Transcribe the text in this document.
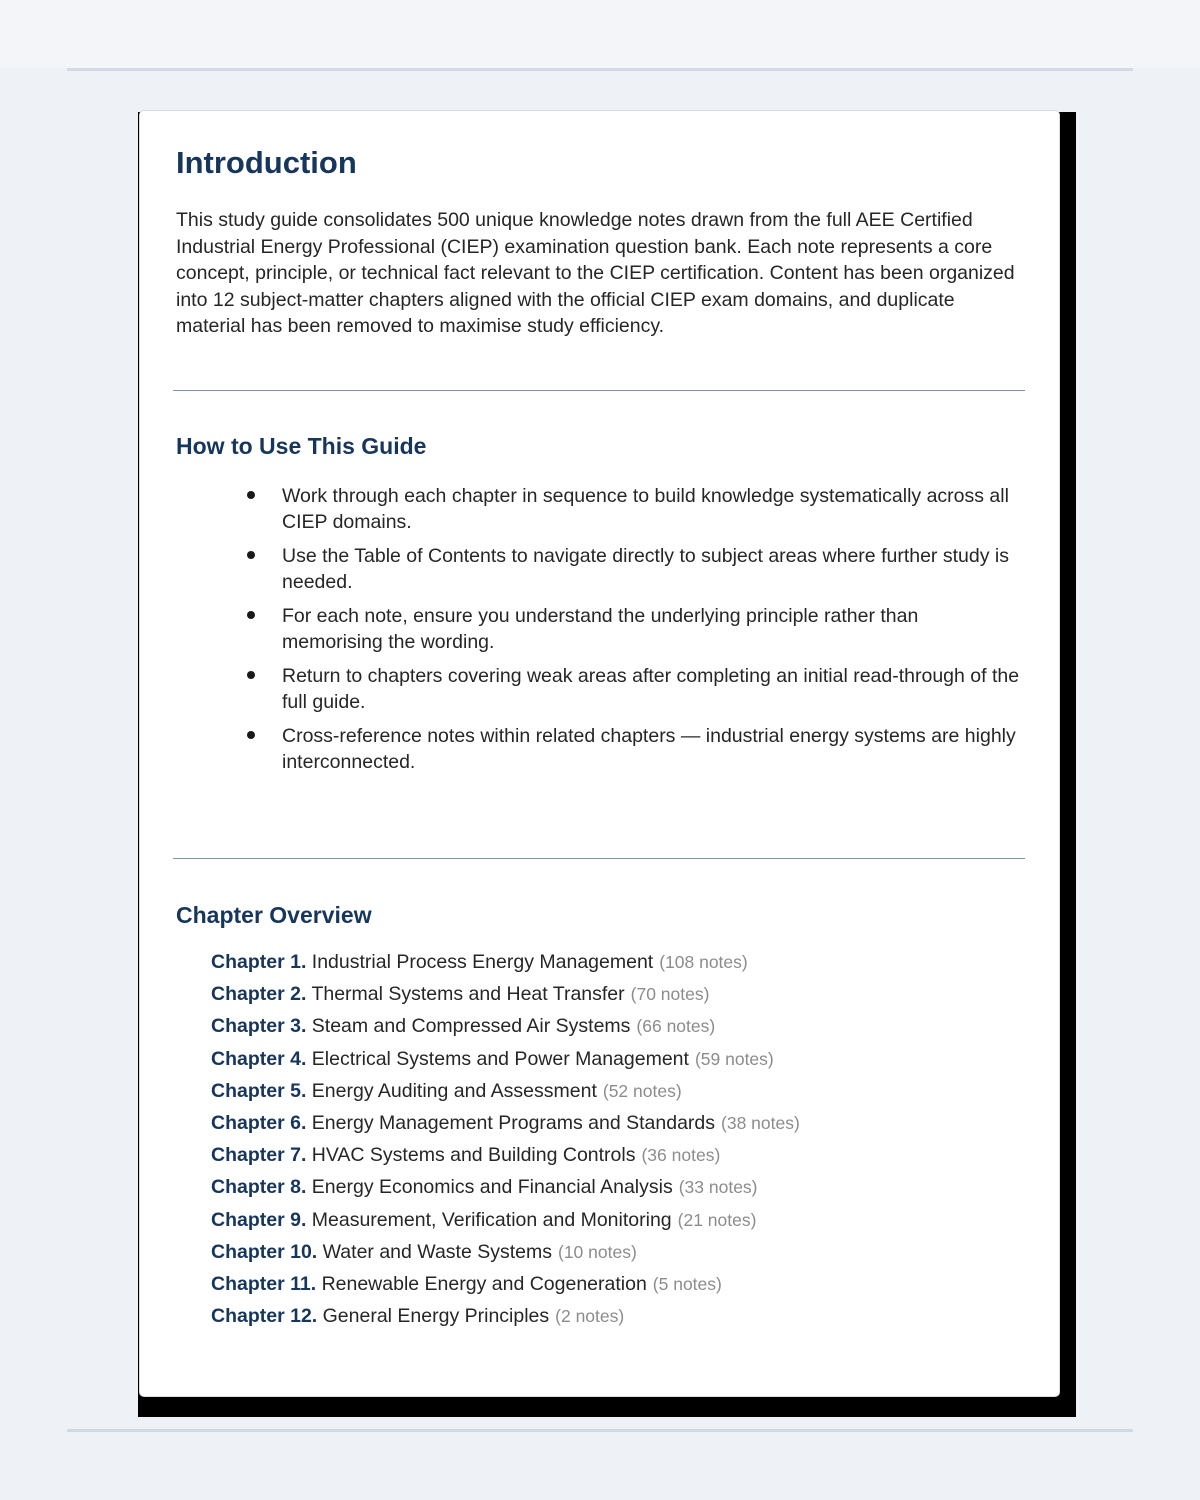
Introduction

This study guide consolidates 500 unique knowledge notes drawn from the full AEE Certified Industrial Energy Professional (CIEP) examination question bank. Each note represents a core concept, principle, or technical fact relevant to the CIEP certification. Content has been organized into 12 subject-matter chapters aligned with the official CIEP exam domains, and duplicate material has been removed to maximise study efficiency.

How to Use This Guide
Work through each chapter in sequence to build knowledge systematically across all CIEP domains.
Use the Table of Contents to navigate directly to subject areas where further study is needed.
For each note, ensure you understand the underlying principle rather than memorising the wording.
Return to chapters covering weak areas after completing an initial read-through of the full guide.
Cross-reference notes within related chapters — industrial energy systems are highly interconnected.
Chapter Overview
Chapter 1. Industrial Process Energy Management (108 notes)
Chapter 2. Thermal Systems and Heat Transfer (70 notes)
Chapter 3. Steam and Compressed Air Systems (66 notes)
Chapter 4. Electrical Systems and Power Management (59 notes)
Chapter 5. Energy Auditing and Assessment (52 notes)
Chapter 6. Energy Management Programs and Standards (38 notes)
Chapter 7. HVAC Systems and Building Controls (36 notes)
Chapter 8. Energy Economics and Financial Analysis (33 notes)
Chapter 9. Measurement, Verification and Monitoring (21 notes)
Chapter 10. Water and Waste Systems (10 notes)
Chapter 11. Renewable Energy and Cogeneration (5 notes)
Chapter 12. General Energy Principles (2 notes)
